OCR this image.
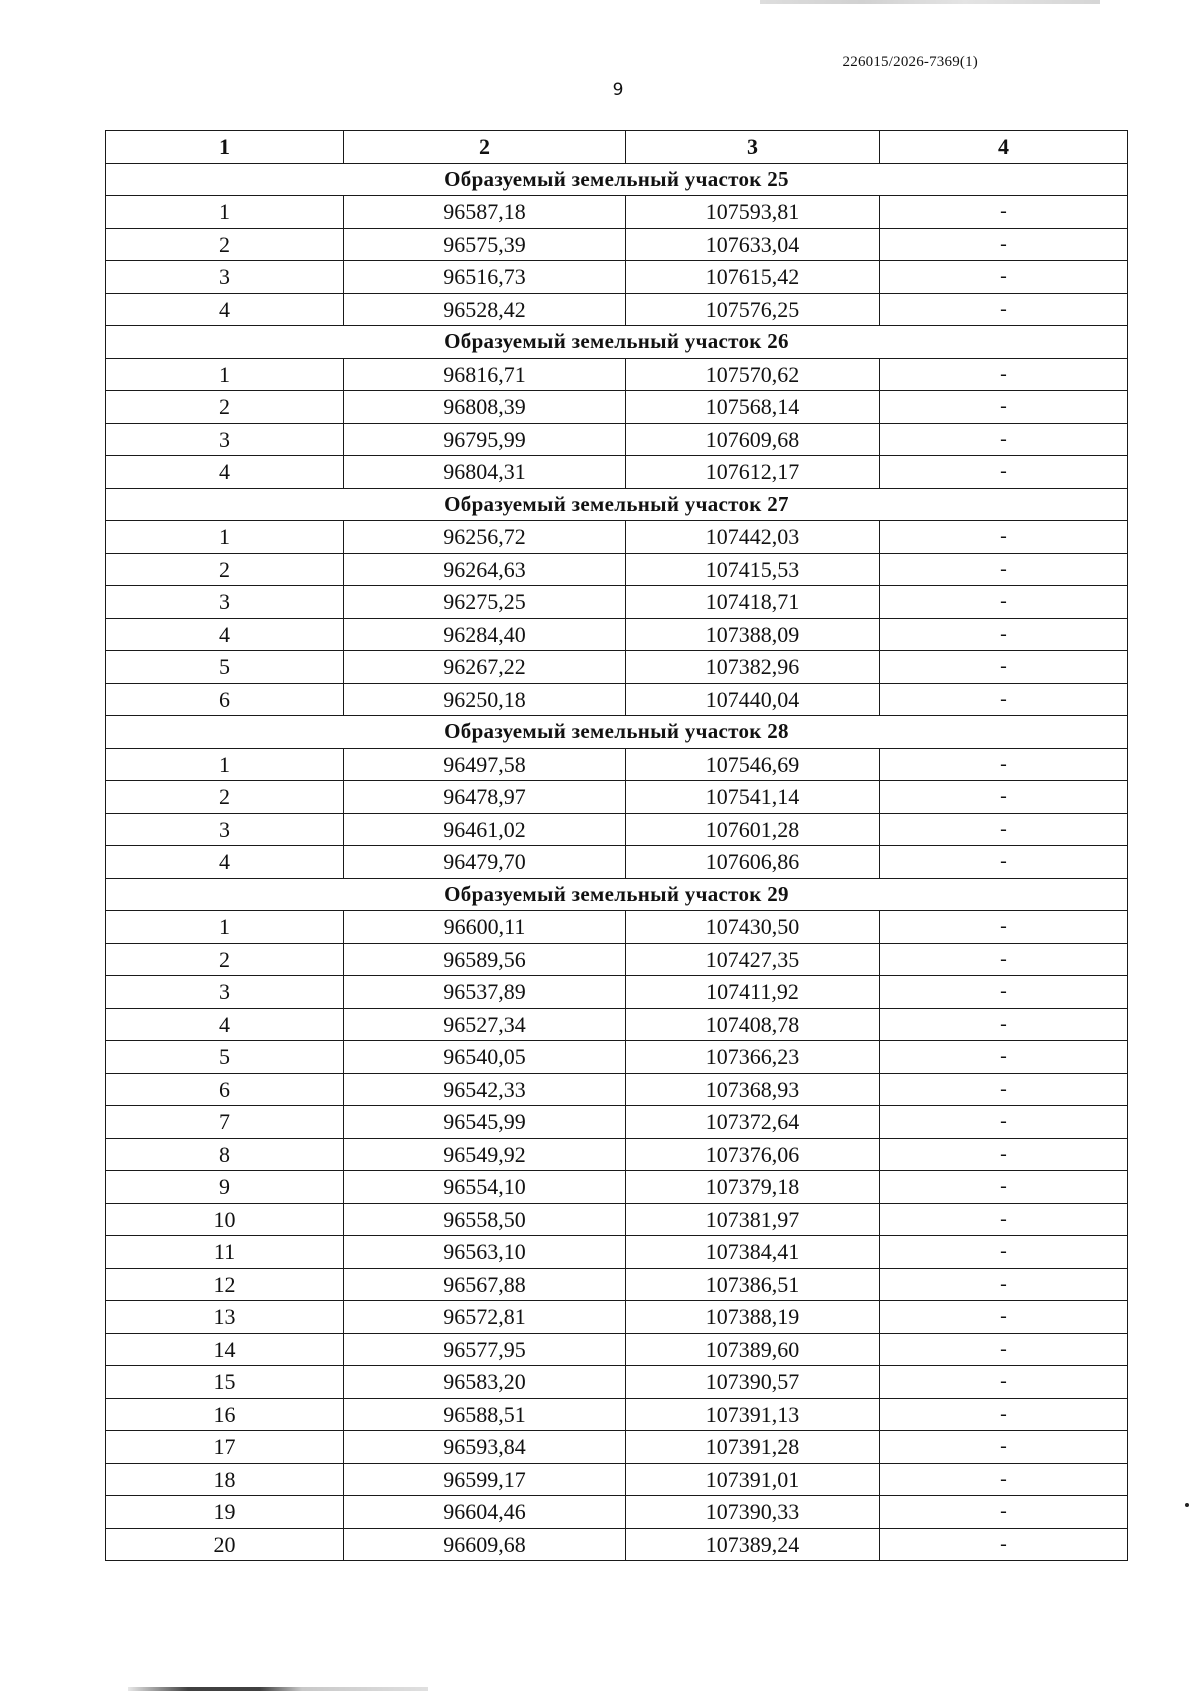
226015/2026-7369(1)
9
1	2	3	4
Образуемый земельный участок 25			
1	96587,18	107593,81	-
2	96575,39	107633,04	-
3	96516,73	107615,42	-
4	96528,42	107576,25	-
Образуемый земельный участок 26			
1	96816,71	107570,62	-
2	96808,39	107568,14	-
3	96795,99	107609,68	-
4	96804,31	107612,17	-
Образуемый земельный участок 27			
1	96256,72	107442,03	-
2	96264,63	107415,53	-
3	96275,25	107418,71	-
4	96284,40	107388,09	-
5	96267,22	107382,96	-
6	96250,18	107440,04	-
Образуемый земельный участок 28			
1	96497,58	107546,69	-
2	96478,97	107541,14	-
3	96461,02	107601,28	-
4	96479,70	107606,86	-
Образуемый земельный участок 29			
1	96600,11	107430,50	-
2	96589,56	107427,35	-
3	96537,89	107411,92	-
4	96527,34	107408,78	-
5	96540,05	107366,23	-
6	96542,33	107368,93	-
7	96545,99	107372,64	-
8	96549,92	107376,06	-
9	96554,10	107379,18	-
10	96558,50	107381,97	-
11	96563,10	107384,41	-
12	96567,88	107386,51	-
13	96572,81	107388,19	-
14	96577,95	107389,60	-
15	96583,20	107390,57	-
16	96588,51	107391,13	-
17	96593,84	107391,28	-
18	96599,17	107391,01	-
19	96604,46	107390,33	-
20	96609,68	107389,24	-
